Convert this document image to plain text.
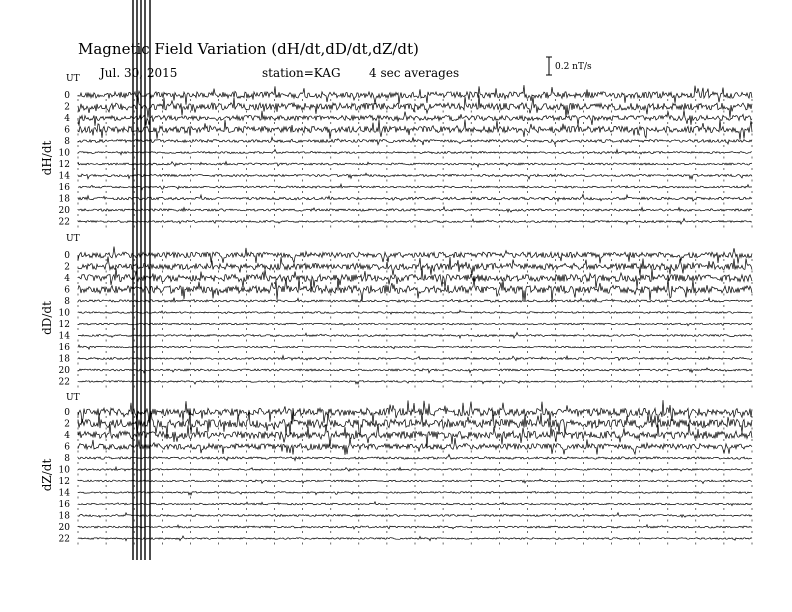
Magnetic Field Variation (dH/dt,dD/dt,dZ/dt)
Jul. 30, 2015	station=KAG 4 sec averages	0.2 nT/s
UT
dH/dt
0
2
4
6
8
10
12
14
16
18
20
22
UT
dD/dt
0
2
4
6
8
10
12
14
16
18
20
22
UT
dZ/dt
0
2
4
6
8
10
12
14
16
18
20
22
